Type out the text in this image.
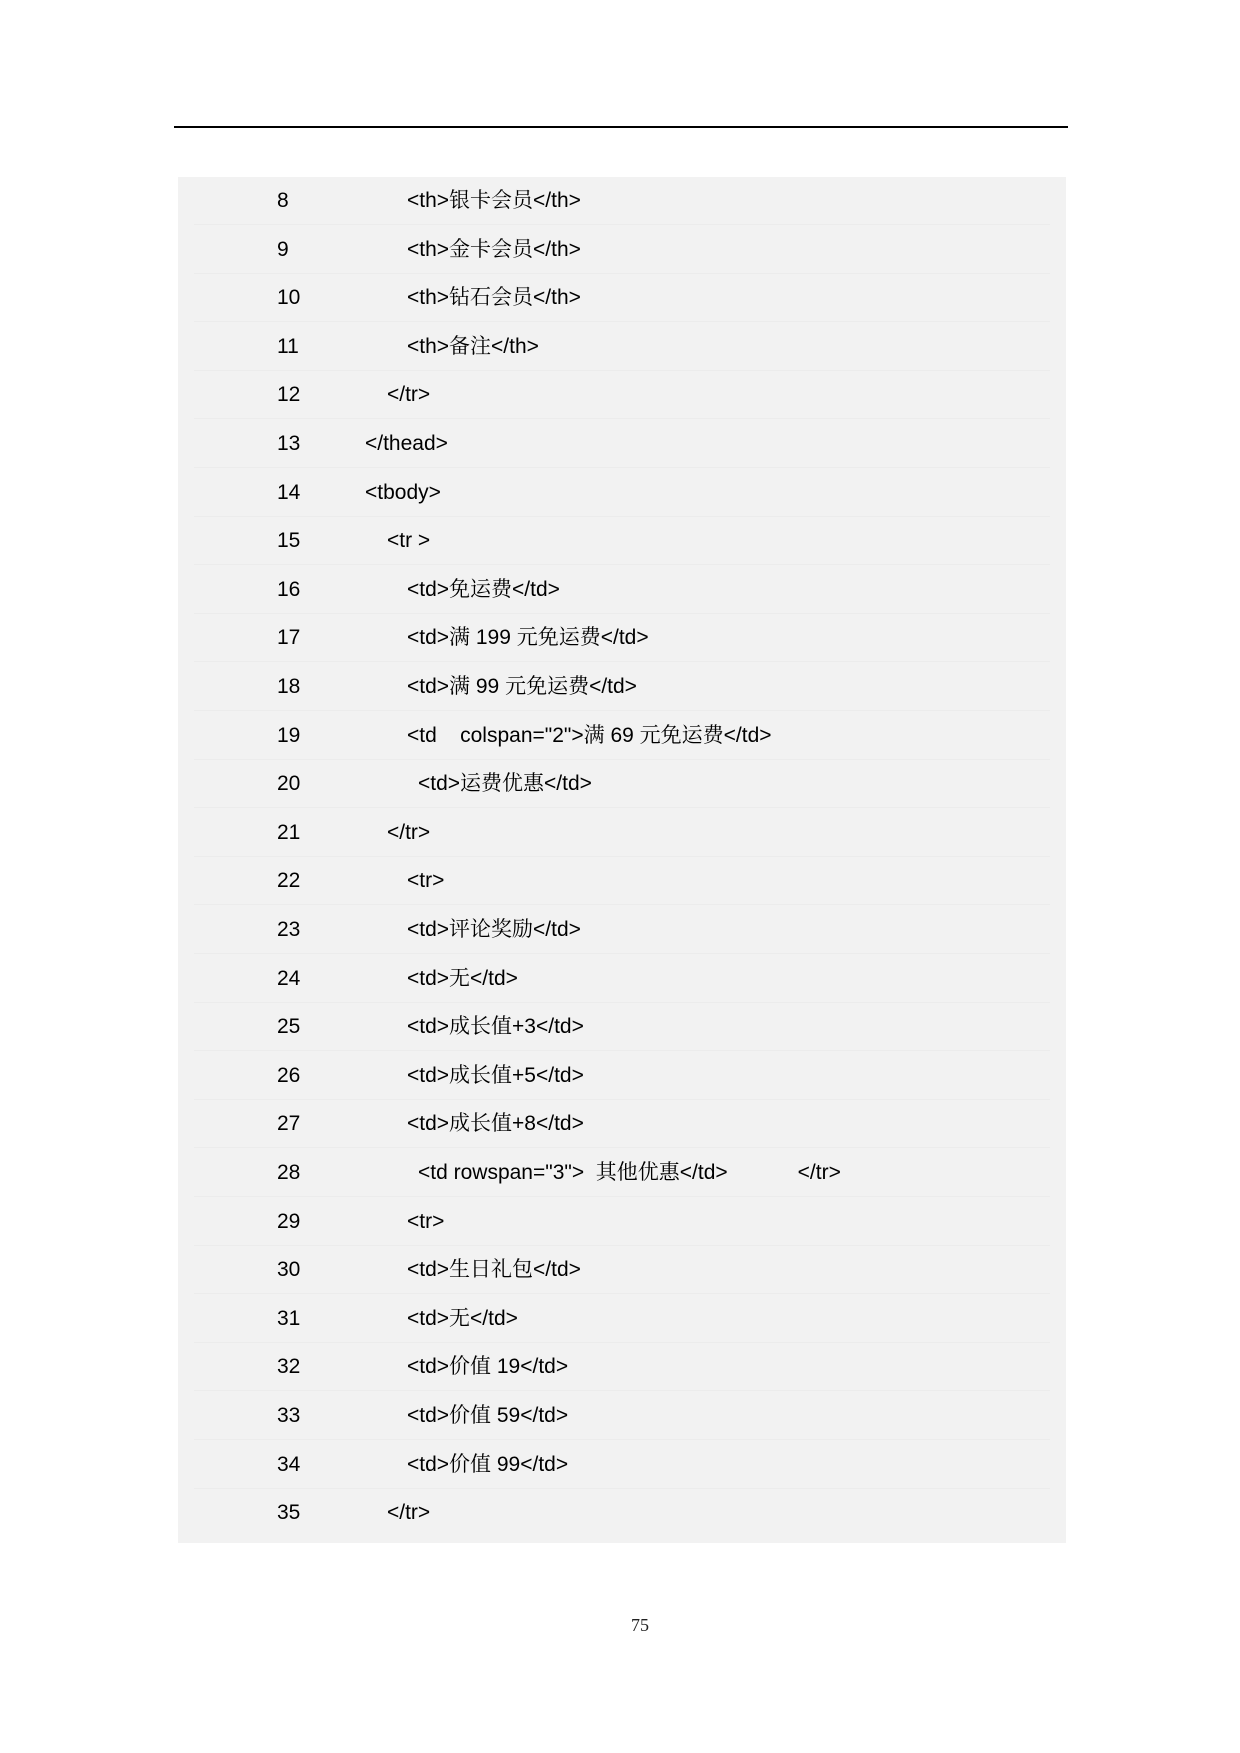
8	<th>银卡会员</th>
9	<th>金卡会员</th>
10	<th>钻石会员</th>
11	<th>备注</th>
12	</tr>
13	</thead>
14	<tbody>
15	<tr >
16	<td>免运费</td>
17	<td>满 199 元免运费</td>
18	<td>满 99 元免运费</td>
19	<td    colspan="2">满 69 元免运费</td>
20	<td>运费优惠</td>
21	</tr>
22	<tr>
23	<td>评论奖励</td>
24	<td>无</td>
25	<td>成长值+3</td>
26	<td>成长值+5</td>
27	<td>成长值+8</td>
28	<td rowspan="3">  其他优惠</td>            </tr>
29	<tr>
30	<td>生日礼包</td>
31	<td>无</td>
32	<td>价值 19</td>
33	<td>价值 59</td>
34	<td>价值 99</td>
35	</tr>
75
